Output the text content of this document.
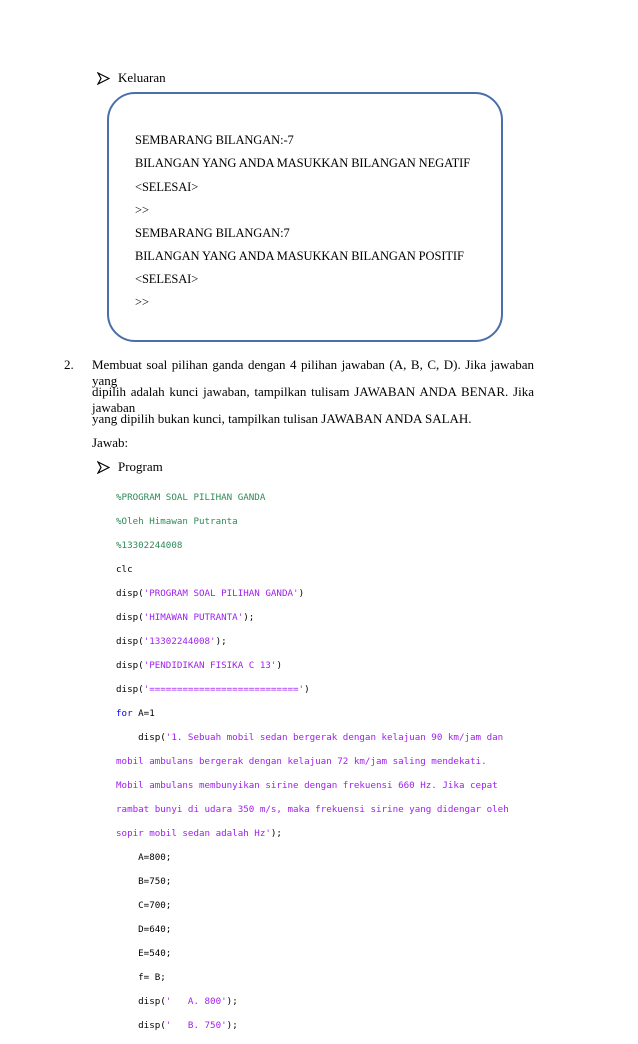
Keluaran
SEMBARANG BILANGAN:-7
BILANGAN YANG ANDA MASUKKAN BILANGAN NEGATIF
<SELESAI>
>>
SEMBARANG BILANGAN:7
BILANGAN YANG ANDA MASUKKAN BILANGAN POSITIF
<SELESAI>
>>
2. Membuat soal pilihan ganda dengan 4 pilihan jawaban (A, B, C, D). Jika jawaban yang
dipilih adalah kunci jawaban, tampilkan tulisam JAWABAN ANDA BENAR. Jika jawaban
yang dipilih bukan kunci, tampilkan tulisan JAWABAN ANDA SALAH.
Jawab:
Program

%PROGRAM SOAL PILIHAN GANDA

%Oleh Himawan Putranta

%13302244008

clc

disp('PROGRAM SOAL PILIHAN GANDA')

disp('HIMAWAN PUTRANTA');

disp('13302244008');

disp('PENDIDIKAN FISIKA C 13')

disp('===========================')

for A=1

disp('1. Sebuah mobil sedan bergerak dengan kelajuan 90 km/jam dan

mobil ambulans bergerak dengan kelajuan 72 km/jam saling mendekati.

Mobil ambulans membunyikan sirine dengan frekuensi 660 Hz. Jika cepat

rambat bunyi di udara 350 m/s, maka frekuensi sirine yang didengar oleh

sopir mobil sedan adalah Hz');

A=800;

B=750;

C=700;

D=640;

E=540;

f= B;

disp('   A. 800');

disp('   B. 750');
